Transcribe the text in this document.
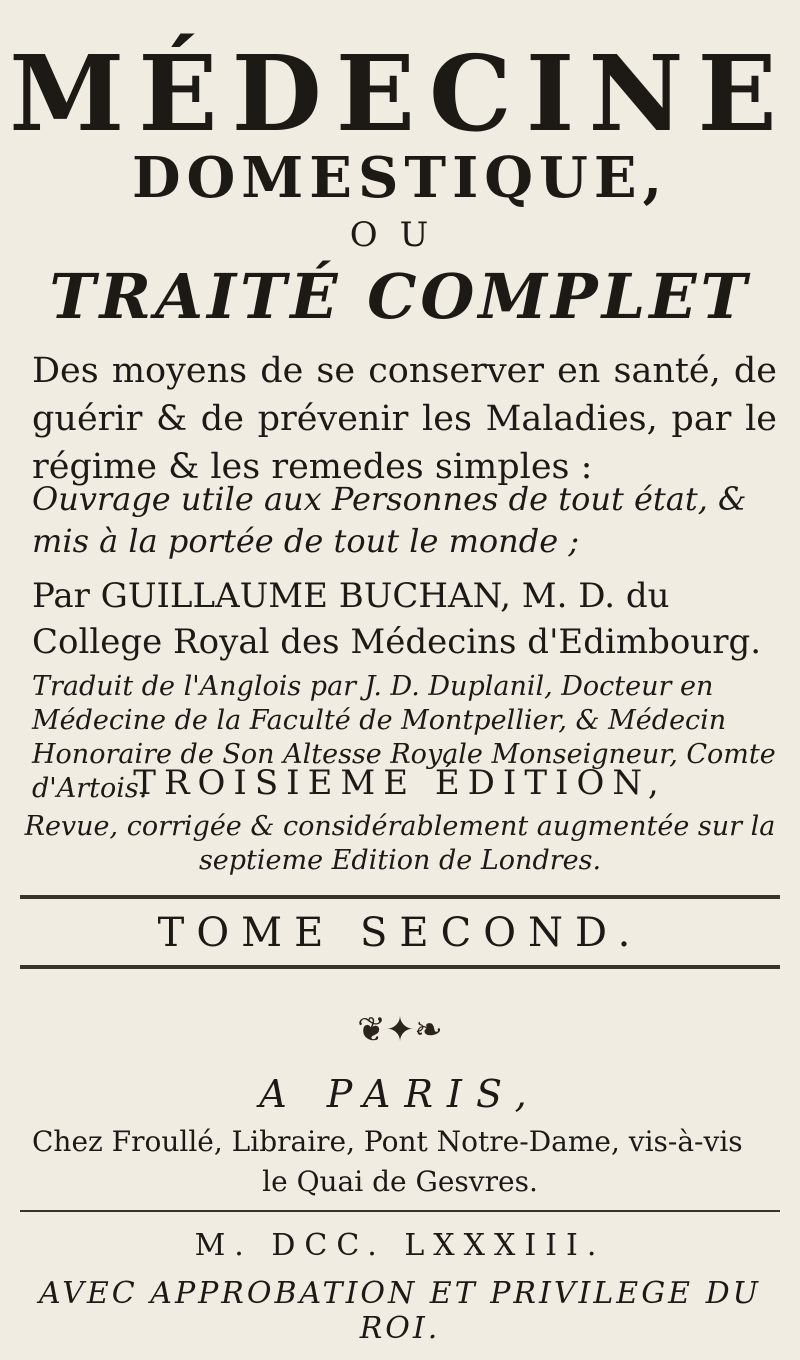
MÉDECINE
DOMESTIQUE,
OU
TRAITÉ COMPLET
Des moyens de se conserver en santé, de guérir & de prévenir les Maladies, par le régime & les remedes simples :
Ouvrage utile aux Personnes de tout état, & mis à la portée de tout le monde ;
Par GUILLAUME BUCHAN, M. D. du College Royal des Médecins d'Edimbourg.
Traduit de l'Anglois par J. D. Duplanil, Docteur en Médecine de la Faculté de Montpellier, & Médecin Honoraire de Son Altesse Royale Monseigneur, Comte d'Artois.
TROISIEME ÉDITION,
Revue, corrigée & considérablement augmentée sur la septieme Edition de Londres.
TOME SECOND.
❦✦❧
A PARIS,
Chez Froullé, Libraire, Pont Notre-Dame, vis-à-vis
le Quai de Gesvres.
M. DCC. LXXXIII.
AVEC APPROBATION ET PRIVILEGE DU ROI.
